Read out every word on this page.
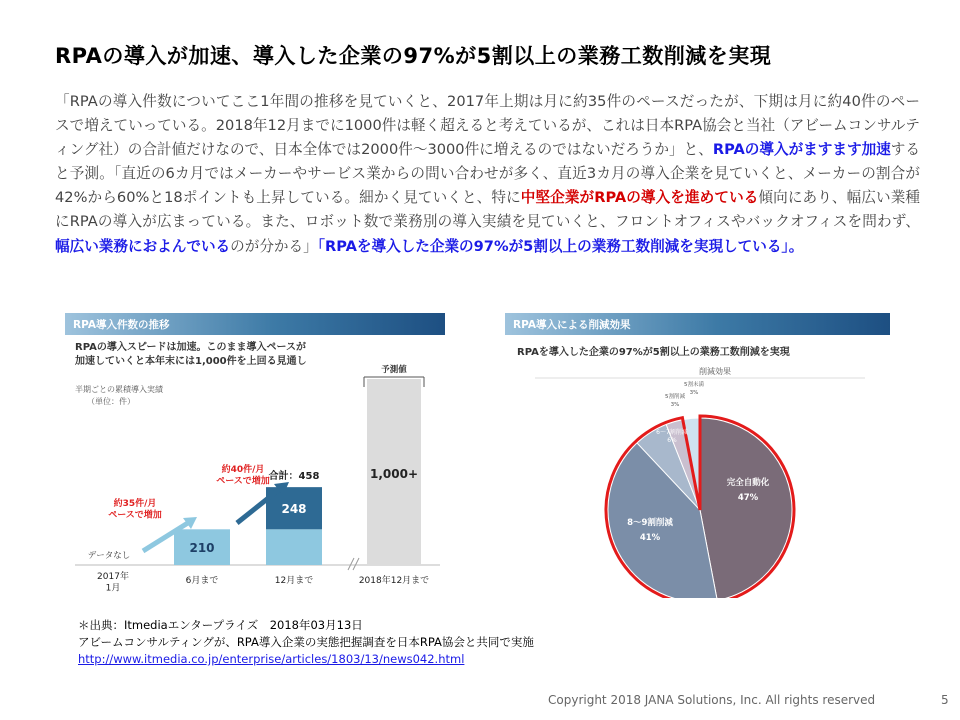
RPAの導入が加速、導入した企業の97%が5割以上の業務工数削減を実現
「RPAの導入件数についてここ1年間の推移を見ていくと、2017年上期は月に約35件のペースだったが、下期は月に約40件のペースで増えていっている。2018年12月までに1000件は軽く超えると考えているが、これは日本RPA協会と当社（アビームコンサルティング社）の合計値だけなので、日本全体では2000件～3000件に増えるのではないだろうか」と、RPAの導入がますます加速すると予測。「直近の6カ月ではメーカーやサービス業からの問い合わせが多く、直近3カ月の導入企業を見ていくと、メーカーの割合が42%から60%と18ポイントも上昇している。細かく見ていくと、特に中堅企業がRPAの導入を進めている傾向にあり、幅広い業種にRPAの導入が広まっている。また、ロボット数で業務別の導入実績を見ていくと、フロントオフィスやバックオフィスを問わず、幅広い業務におよんでいるのが分かる」「RPAを導入した企業の97%が5割以上の業務工数削減を実現している」。
RPA導入件数の推移
RPAの導入スピードは加速。このまま導入ペースが加速していくと本年末には1,000件を上回る見通し
半期ごとの累積導入実績
（単位：件）
210
248
合計：458
予測値
1,000+
データなし
約35件/月ペースで増加
約40件/月ペースで増加
2017年 1月
6月まで	12月まで	2018年12月まで
RPA導入による削減効果
RPAを導入した企業の97%が5割以上の業務工数削減を実現
削減効果
完全自動化
47%
8～9割削減
41%
6～7割削減
6%
5割削減
3%
5割未満
3%
＊出典：Itmediaエンタープライズ　2018年03月13日
アビームコンサルティングが、RPA導入企業の実態把握調査を日本RPA協会と共同で実施
http://www.itmedia.co.jp/enterprise/articles/1803/13/news042.html
Copyright 2018 JANA Solutions, Inc. All rights reserved	5
